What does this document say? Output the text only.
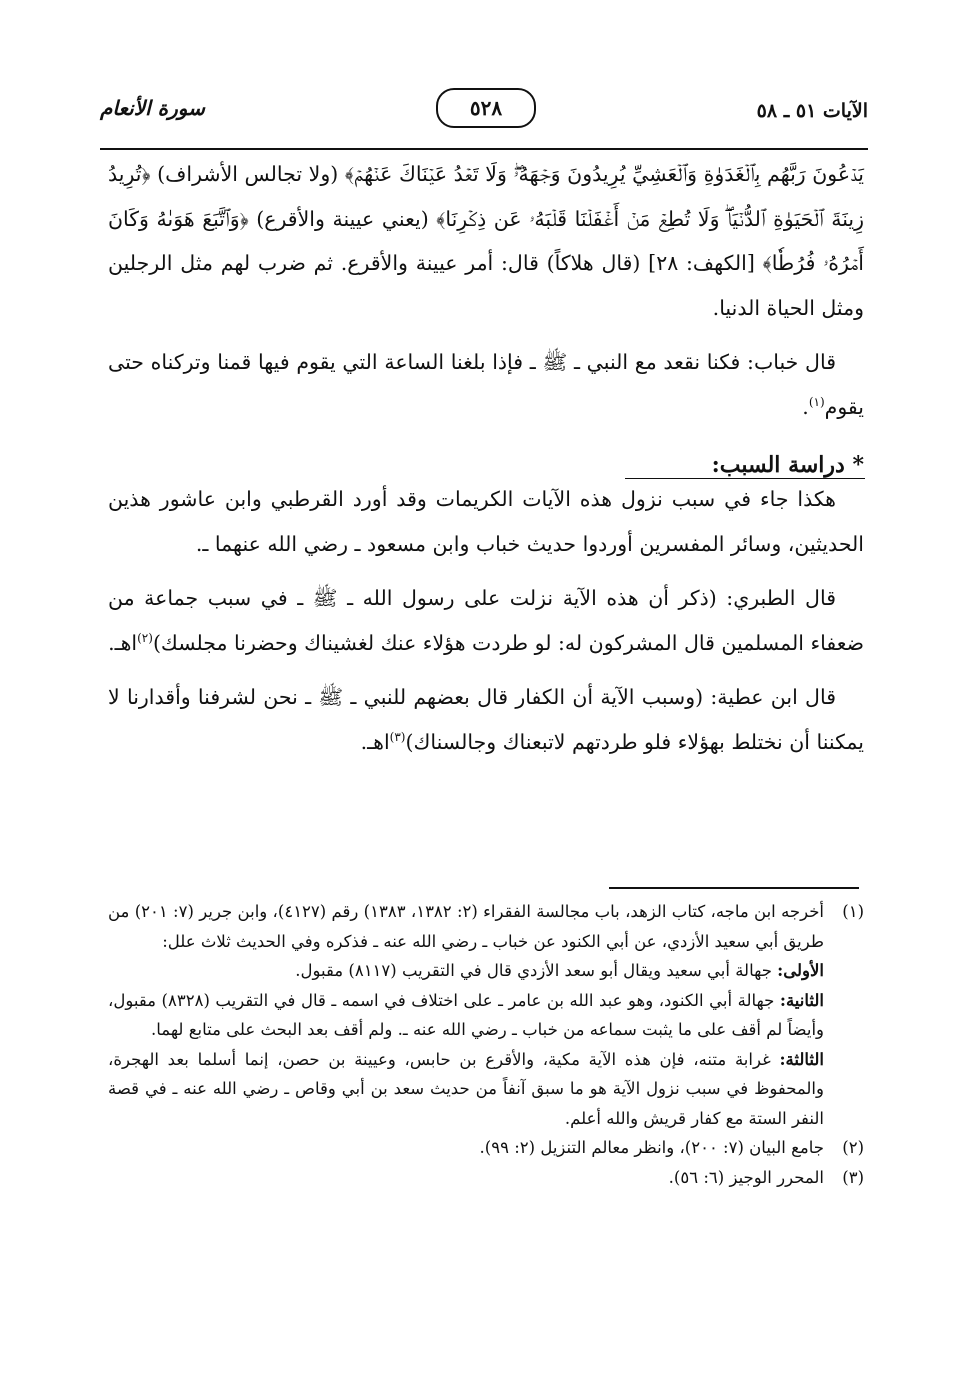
الآيات ٥١ ـ ٥٨
٥٢٨
سورة الأنعام

يَدۡعُونَ رَبَّهُم بِٱلۡغَدَوٰةِ وَٱلۡعَشِيِّ يُرِيدُونَ وَجۡهَهُۥۖ وَلَا تَعۡدُ عَيۡنَاكَ عَنۡهُمۡ﴾ (ولا تجالس الأشراف) ﴿تُرِيدُ زِينَةَ ٱلۡحَيَوٰةِ ٱلدُّنۡيَاۖ وَلَا تُطِعۡ مَنۡ أَغۡفَلۡنَا قَلۡبَهُۥ عَن ذِكۡرِنَا﴾ (يعني عيينة والأقرع) ﴿وَٱتَّبَعَ هَوَىٰهُ وَكَانَ أَمۡرُهُۥ فُرُطٗا﴾ [الكهف: ٢٨] (قال هلاكاً) قال: أمر عيينة والأقرع. ثم ضرب لهم مثل الرجلين ومثل الحياة الدنيا.

قال خباب: فكنا نقعد مع النبي ـ ﷺ ـ فإذا بلغنا الساعة التي يقوم فيها قمنا وتركناه حتى يقوم$^{(١)}$.

* دراسة السبب:

هكذا جاء في سبب نزول هذه الآيات الكريمات وقد أورد القرطبي وابن عاشور هذين الحديثين، وسائر المفسرين أوردوا حديث خباب وابن مسعود ـ رضي الله عنهما ـ.

قال الطبري: (ذكر أن هذه الآية نزلت على رسول الله ـ ﷺ ـ في سبب جماعة من ضعفاء المسلمين قال المشركون له: لو طردت هؤلاء عنك لغشيناك وحضرنا مجلسك)$^{(٢)}$اهـ.

قال ابن عطية: (وسبب الآية أن الكفار قال بعضهم للنبي ـ ﷺ ـ نحن لشرفنا وأقدارنا لا يمكننا أن نختلط بهؤلاء فلو طردتهم لاتبعناك وجالسناك)$^{(٣)}$اهـ.

(١)

أخرجه ابن ماجه، كتاب الزهد، باب مجالسة الفقراء (٢: ١٣٨٢، ١٣٨٣) رقم (٤١٢٧)، وابن جرير (٧: ٢٠١) من طريق أبي سعيد الأزدي، عن أبي الكنود عن خباب ـ رضي الله عنه ـ فذكره وفي الحديث ثلاث علل:

الأولى: جهالة أبي سعيد ويقال أبو سعد الأزدي قال في التقريب (٨١١٧) مقبول.

الثانية: جهالة أبي الكنود، وهو عبد الله بن عامر ـ على اختلاف في اسمه ـ قال في التقريب (٨٣٢٨) مقبول، وأيضاً لم أقف على ما يثبت سماعه من خباب ـ رضي الله عنه ـ. ولم أقف بعد البحث على متابع لهما.

الثالثة: غرابة متنه، فإن هذه الآية مكية، والأقرع بن حابس، وعيينة بن حصن، إنما أسلما بعد الهجرة، والمحفوظ في سبب نزول الآية هو ما سبق آنفاً من حديث سعد بن أبي وقاص ـ رضي الله عنه ـ في قصة النفر الستة مع كفار قريش والله أعلم.

(٢)

جامع البيان (٧: ٢٠٠)، وانظر معالم التنزيل (٢: ٩٩).

(٣)

المحرر الوجيز (٦: ٥٦).
